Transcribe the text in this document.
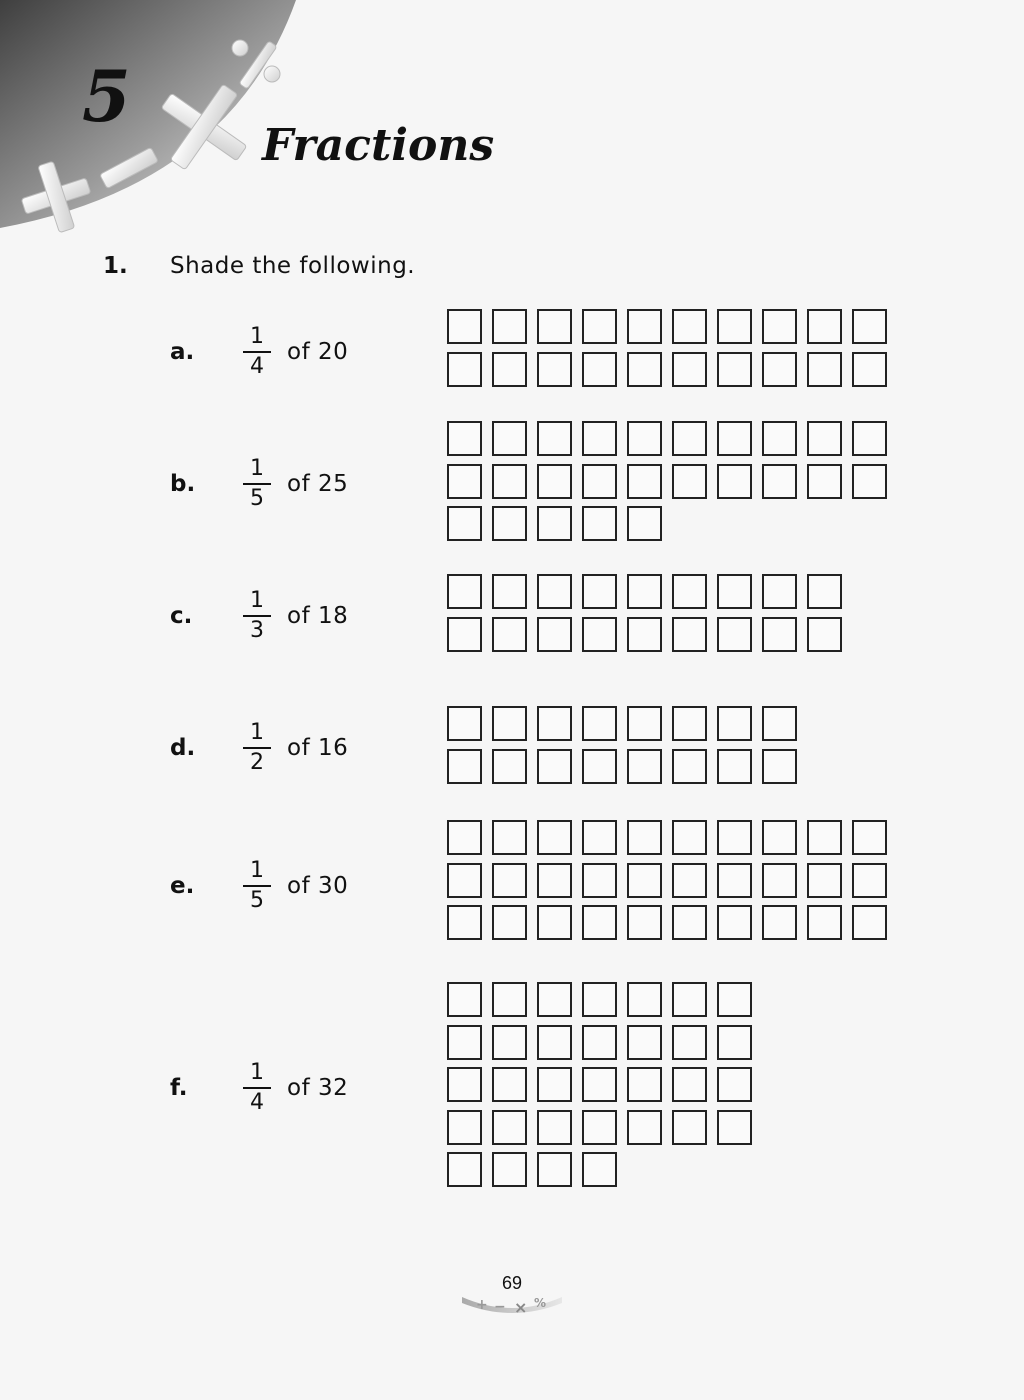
5
Fractions
1. Shade the following.
a.
1
4
of 20
b.
1
5
of 25
c.
1
3
of 18
d.
1
2
of 16
e.
1
5
of 30
f.
1
4
of 32
69
+ − × %
